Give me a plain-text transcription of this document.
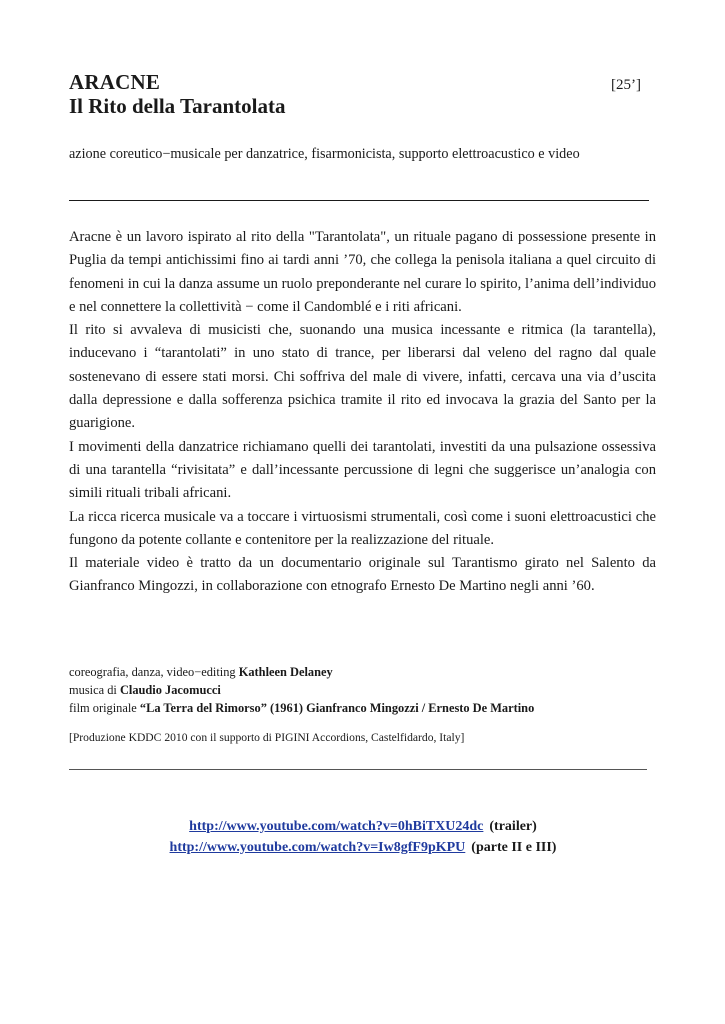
ARACNE	[25’]
Il Rito della Tarantolata
azione coreutico−musicale per danzatrice, fisarmonicista, supporto elettroacustico e video

Aracne è un lavoro ispirato al rito della "Tarantolata", un rituale pagano di possessione presente in Puglia da tempi antichissimi fino ai tardi anni ’70, che collega la penisola italiana a quel circuito di fenomeni in cui la danza assume un ruolo preponderante nel curare lo spirito, l’anima dell’individuo e nel connettere la collettività − come il Candomblé e i riti africani.

Il rito si avvaleva di musicisti che, suonando una musica incessante e ritmica (la tarantella), inducevano i “tarantolati” in uno stato di trance, per liberarsi dal veleno del ragno dal quale sostenevano di essere stati morsi. Chi soffriva del male di vivere, infatti, cercava una via d’uscita dalla depressione e dalla sofferenza psichica tramite il rito ed invocava la grazia del Santo per la guarigione.

I movimenti della danzatrice richiamano quelli dei tarantolati, investiti da una pulsazione ossessiva di una tarantella “rivisitata” e dall’incessante percussione di legni che suggerisce un’analogia con simili rituali tribali africani.

La ricca ricerca musicale va a toccare i virtuosismi strumentali, così come i suoni elettroacustici che fungono da potente collante e contenitore per la realizzazione del rituale.

Il materiale video è tratto da un documentario originale sul Tarantismo girato nel Salento da Gianfranco Mingozzi, in collaborazione con etnografo Ernesto De Martino negli anni ’60.

coreografia, danza, video−editing Kathleen Delaney
musica di Claudio Jacomucci
film originale “La Terra del Rimorso” (1961) Gianfranco Mingozzi / Ernesto De Martino
[Produzione KDDC 2010 con il supporto di PIGINI Accordions, Castelfidardo, Italy]
http://www.youtube.com/watch?v=0hBiTXU24dc (trailer)
http://www.youtube.com/watch?v=Iw8gfF9pKPU (parte II e III)
